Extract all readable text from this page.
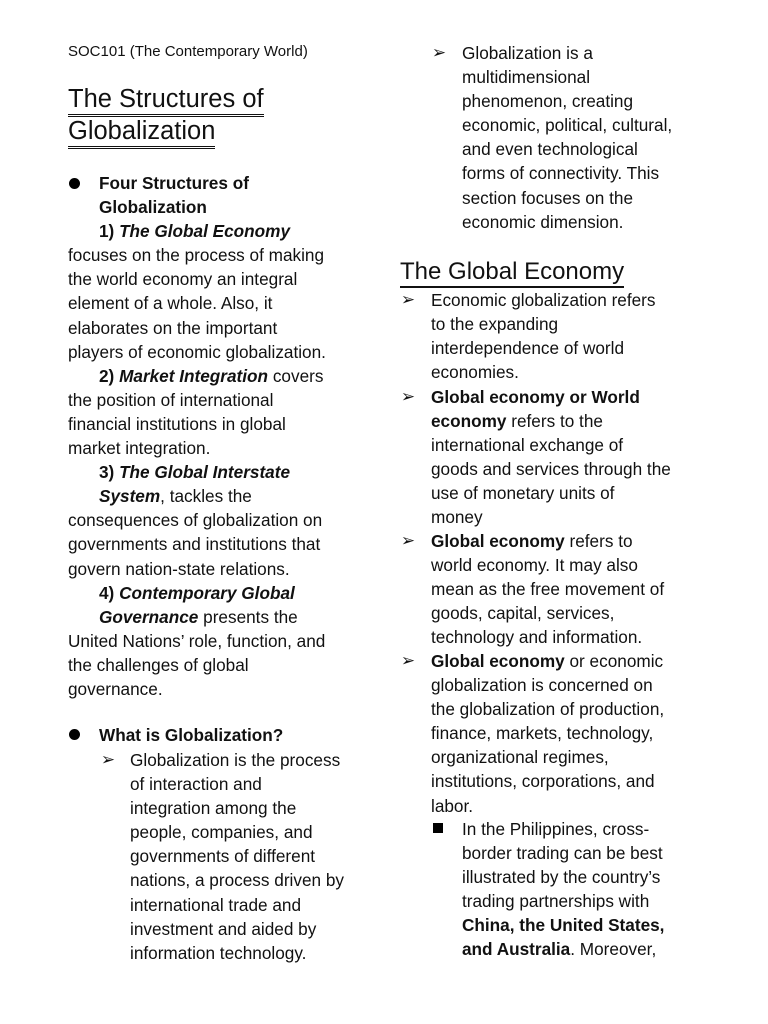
SOC101 (The Contemporary World)
The Structures of
Globalization
Four Structures of
Globalization
1) The Global Economy
focuses on the process of making
the world economy an integral
element of a whole. Also, it
elaborates on the important
players of economic globalization.
2) Market Integration covers
the position of international
financial institutions in global
market integration.
3) The Global Interstate
System, tackles the
consequences of globalization on
governments and institutions that
govern nation-state relations.
4) Contemporary Global
Governance presents the
United Nations’ role, function, and
the challenges of global
governance.
What is Globalization?
➢ Globalization is the process
of interaction and
integration among the
people, companies, and
governments of different
nations, a process driven by
international trade and
investment and aided by
information technology.
➢ Globalization is a
multidimensional
phenomenon, creating
economic, political, cultural,
and even technological
forms of connectivity. This
section focuses on the
economic dimension.
The Global Economy
➢ Economic globalization refers
to the expanding
interdependence of world
economies.
➢ Global economy or World
economy refers to the
international exchange of
goods and services through the
use of monetary units of
money
➢ Global economy refers to
world economy. It may also
mean as the free movement of
goods, capital, services,
technology and information.
➢ Global economy or economic
globalization is concerned on
the globalization of production,
finance, markets, technology,
organizational regimes,
institutions, corporations, and
labor.
In the Philippines, cross-
border trading can be best
illustrated by the country’s
trading partnerships with
China, the United States,
and Australia. Moreover,
